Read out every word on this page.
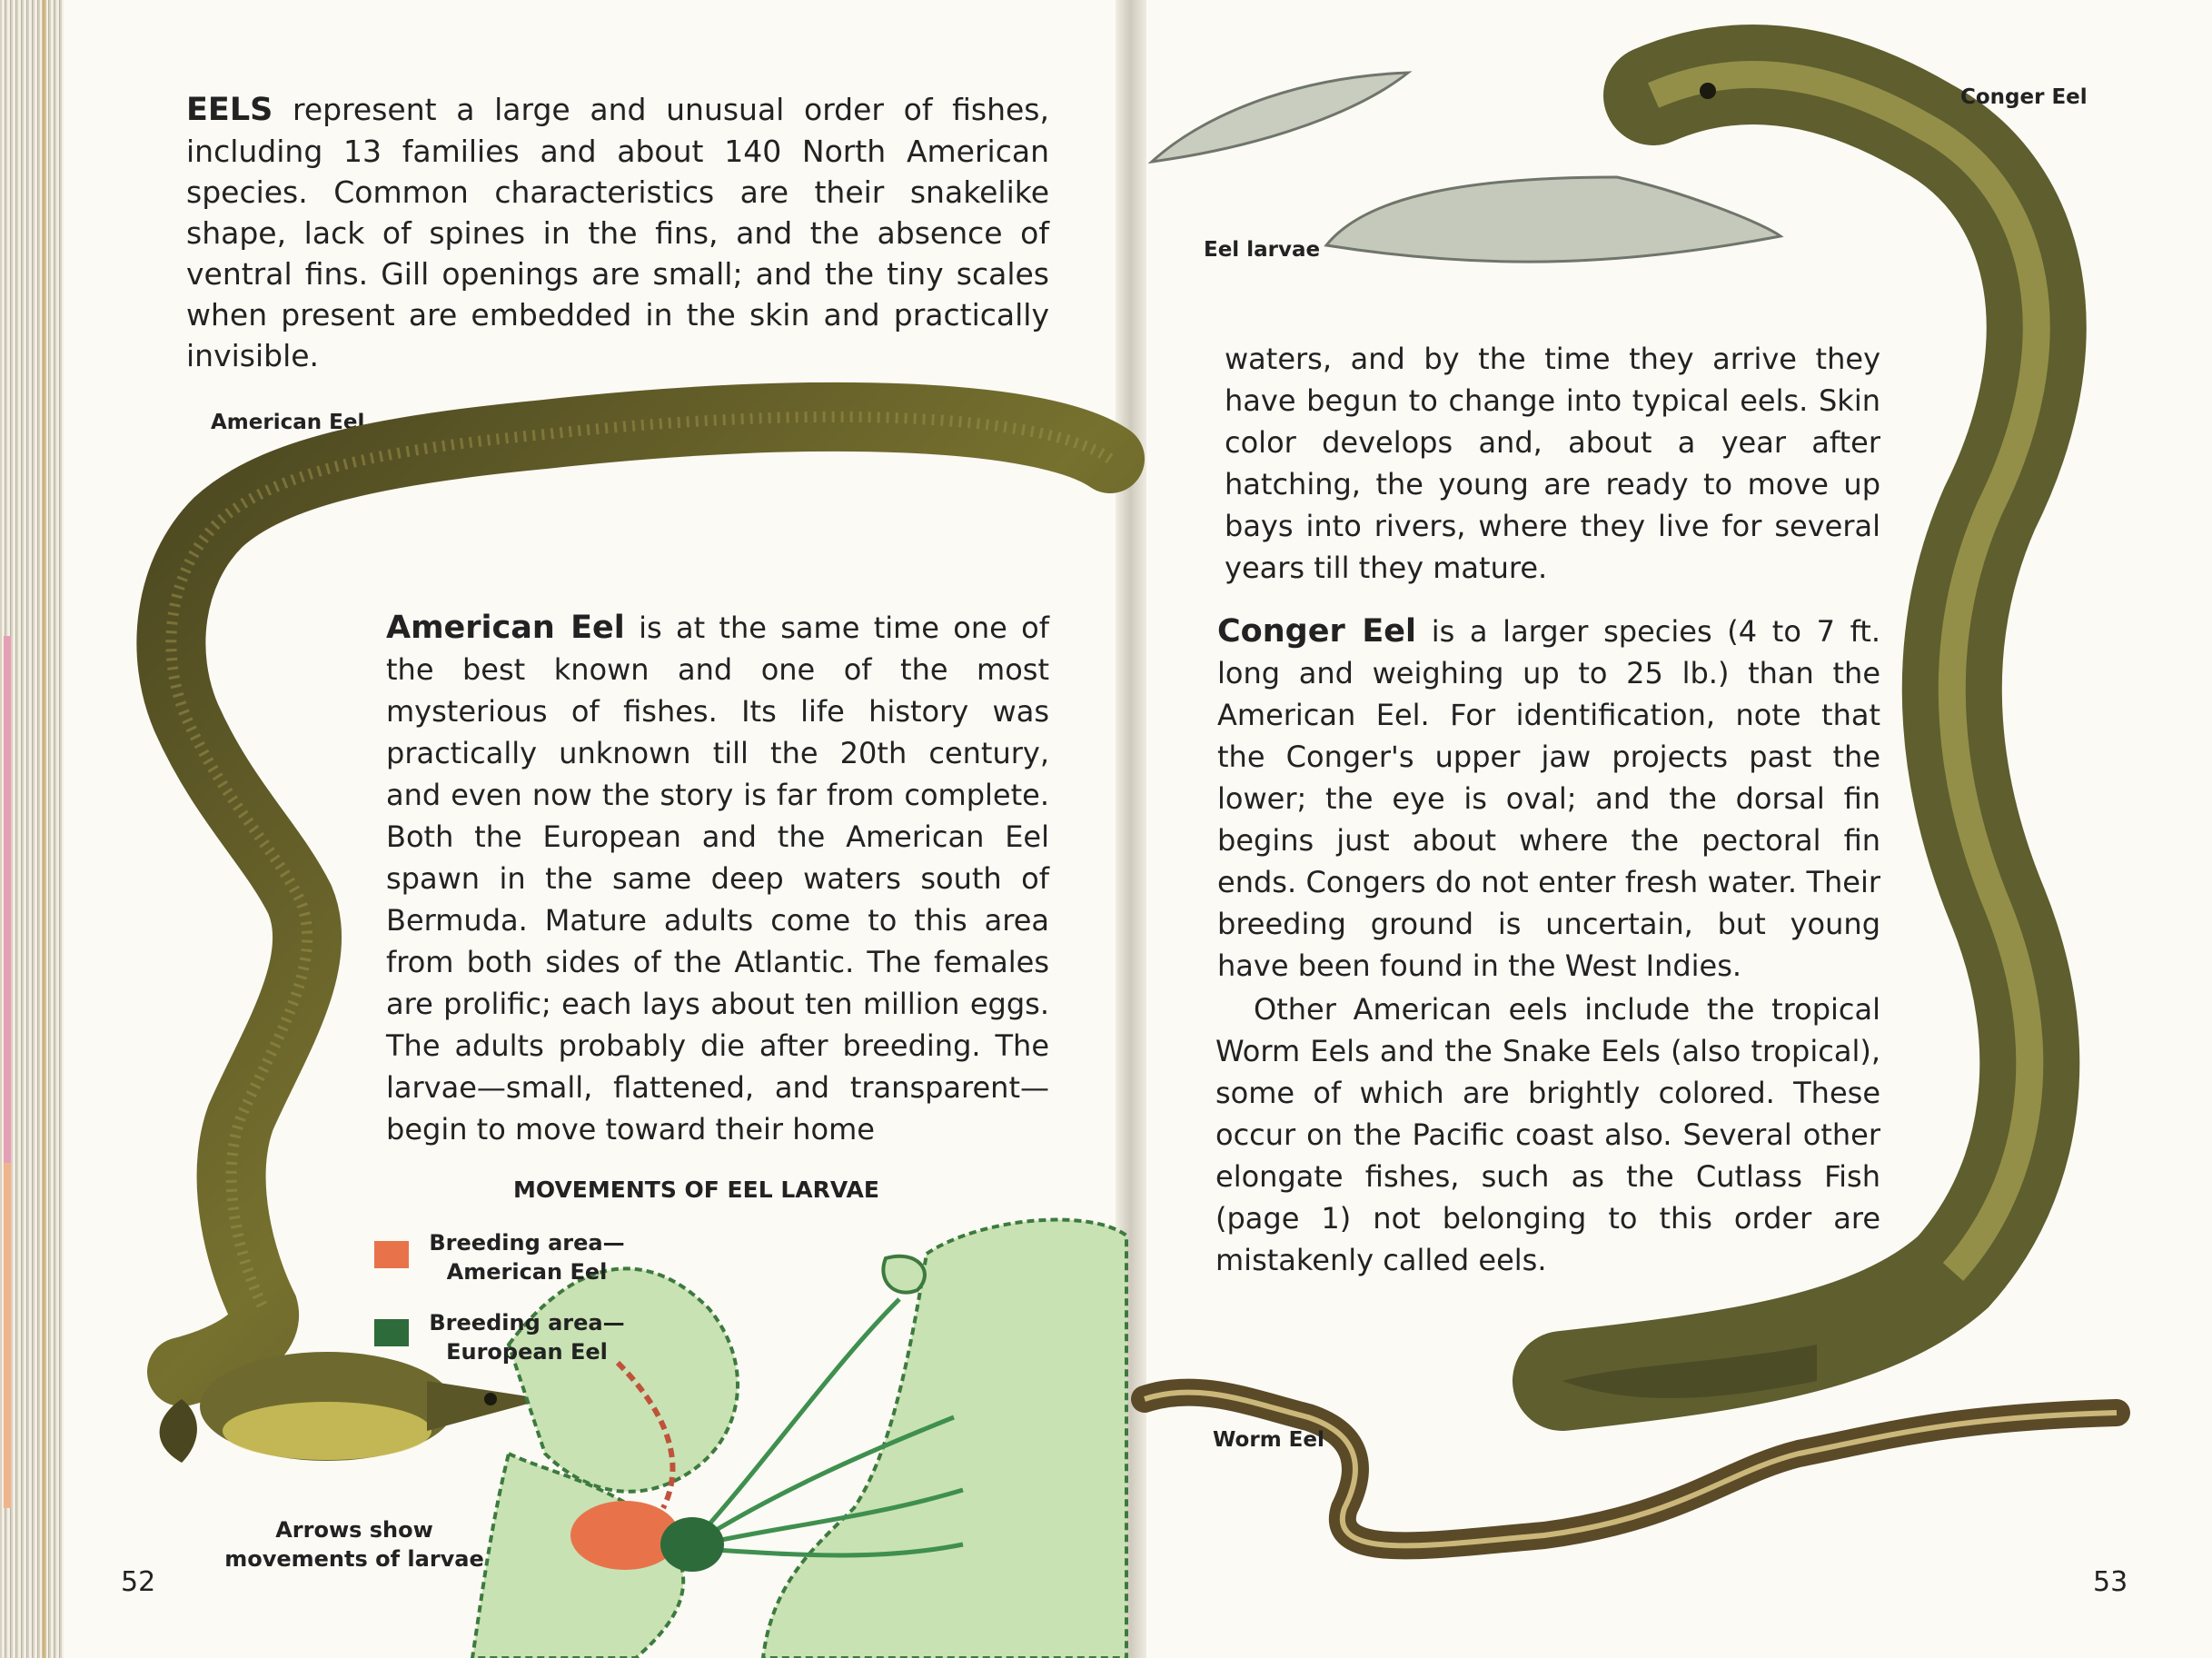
EELS represent a large and unusual order of fishes, including 13 families and about 140 North American species. Common characteristics are their snakelike shape, lack of spines in the fins, and the absence of ventral fins. Gill openings are small; and the tiny scales when present are embedded in the skin and practically invisible.
American Eel
American Eel is at the same time one of the best known and one of the most mysterious of fishes. Its life history was practically unknown till the 20th century, and even now the story is far from complete. Both the European and the American Eel spawn in the same deep waters south of Bermuda. Mature adults come to this area from both sides of the Atlantic. The females are prolific; each lays about ten million eggs. The adults probably die after breeding. The larvae—small, flattened, and transparent—begin to move toward their home
MOVEMENTS OF EEL LARVAE
Breeding area—
American Eel
Breeding area—
European Eel
Arrows show
movements of larvae
52
Eel larvae
Conger Eel
Worm Eel
waters, and by the time they arrive they have begun to change into typical eels. Skin color develops and, about a year after hatching, the young are ready to move up bays into rivers, where they live for several years till they mature.
Conger Eel is a larger species (4 to 7 ft. long and weighing up to 25 lb.) than the American Eel. For identification, note that the Conger's upper jaw projects past the lower; the eye is oval; and the dorsal fin begins just about where the pectoral fin ends. Congers do not enter fresh water. Their breeding ground is uncertain, but young have been found in the West Indies.
Other American eels include the tropical Worm Eels and the Snake Eels (also tropical), some of which are brightly colored. These occur on the Pacific coast also. Several other elongate fishes, such as the Cutlass Fish (page 1) not belonging to this order are mistakenly called eels.
53
